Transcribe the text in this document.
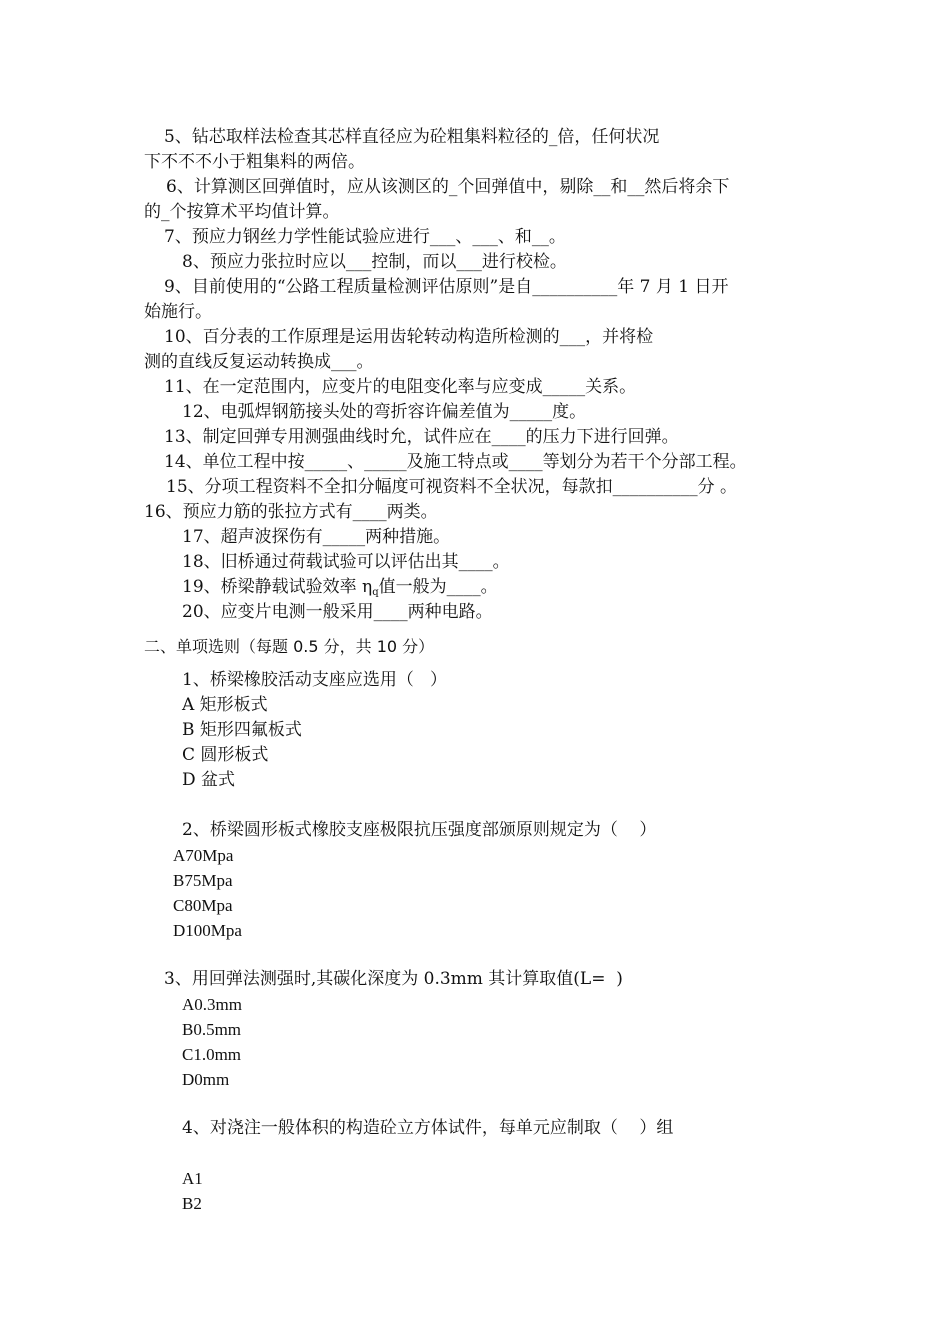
5、钻芯取样法检查其芯样直径应为砼粗集料粒径的_倍，任何状况
下不不不小于粗集料的两倍。
6、计算测区回弹值时，应从该测区的_个回弹值中，剔除__和__然后将余下
的_个按算术平均值计算。
7、预应力钢丝力学性能试验应进行___、___、和__。
8、预应力张拉时应以___控制，而以___进行校检。
9、目前使用的“公路工程质量检测评估原则”是自__________年 7 月 1 日开
始施行。
10、百分表的工作原理是运用齿轮转动构造所检测的___，并将检
测的直线反复运动转换成___。
11、在一定范围内，应变片的电阻变化率与应变成_____关系。
12、电弧焊钢筋接头处的弯折容许偏差值为_____度。
13、制定回弹专用测强曲线时允，试件应在____的压力下进行回弹。
14、单位工程中按_____、_____及施工特点或____等划分为若干个分部工程。
15、分项工程资料不全扣分幅度可视资料不全状况，每款扣__________分 。
16、预应力筋的张拉方式有____两类。
17、超声波探伤有_____两种措施。
18、旧桥通过荷载试验可以评估出其____。
19、桥梁静载试验效率 $\eta_q$值一般为____。
20、应变片电测一般采用____两种电路。
二、单项选则（每题 0.5 分，共 10 分）
1、桥梁橡胶活动支座应选用（   ）
A 矩形板式
B 矩形四氟板式
C 圆形板式
D 盆式
2、桥梁圆形板式橡胶支座极限抗压强度部颁原则规定为（    ）
A70Mpa
B75Mpa
C80Mpa
D100Mpa
3、用回弹法测强时,其碳化深度为 0.3mm 其计算取值(L=  )
A0.3mm
B0.5mm
C1.0mm
D0mm
4、对浇注一般体积的构造砼立方体试件，每单元应制取（    ）组
A1
B2
